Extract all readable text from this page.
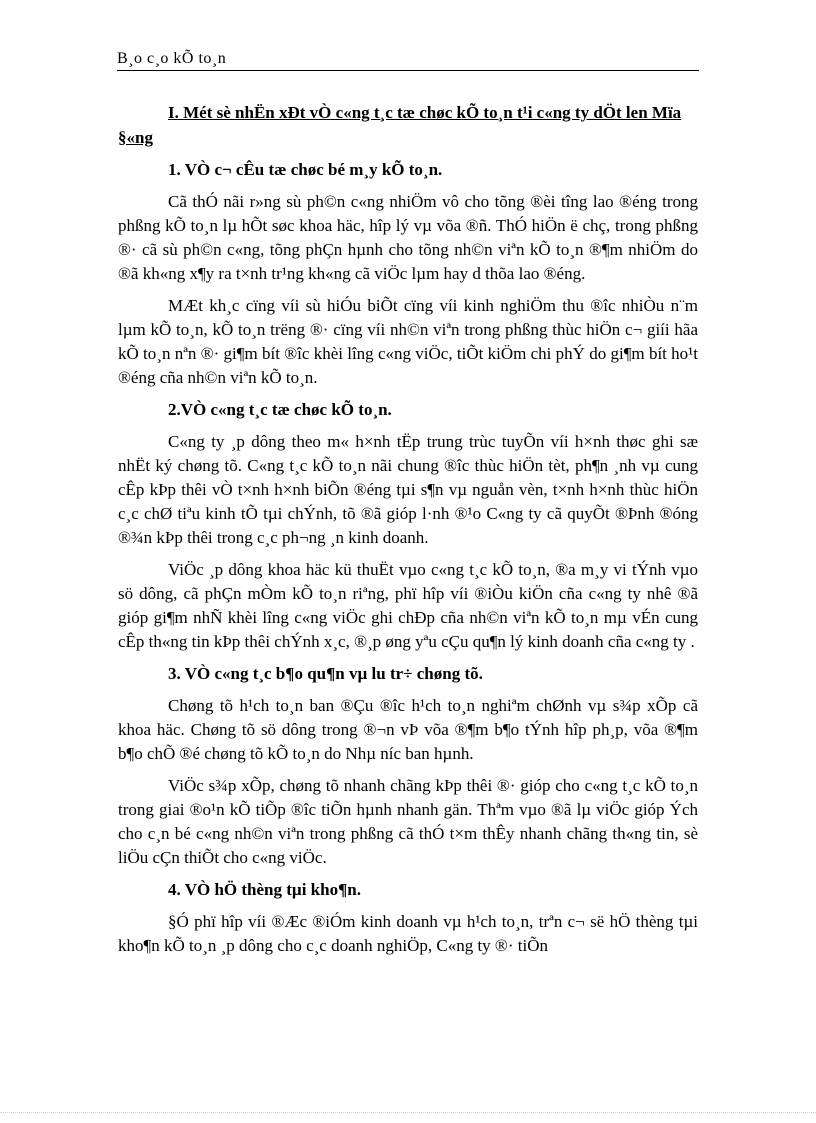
B¸o c¸o kÕ to¸n
I. Mét sè nhËn xÐt vÒ c«ng t¸c tæ chøc kÕ to¸n t¹i c«ng ty dÖt len Mïa §«ng
1. VÒ c¬ cÊu tæ chøc bé m¸y kÕ to¸n.

Cã thÓ nãi r»ng sù ph©n c«ng nhiÖm vô cho tõng ®èi tîng lao ®éng trong phßng kÕ to¸n lµ hÕt søc khoa häc, hîp lý vµ võa ®ñ. ThÓ hiÖn ë chç, trong phßng ®· cã sù ph©n c«ng, tõng phÇn hµnh cho tõng nh©n viªn kÕ to¸n ®¶m nhiÖm do ®ã kh«ng x¶y ra t×nh tr¹ng kh«ng cã viÖc lµm hay d thõa lao ®éng.

MÆt kh¸c cïng víi sù hiÓu biÕt cïng víi kinh nghiÖm thu ®îc nhiÒu n¨m lµm kÕ to¸n, kÕ to¸n trëng ®· cïng víi nh©n viªn trong phßng thùc hiÖn c¬ giíi hãa kÕ to¸n nªn ®· gi¶m bít ®îc khèi lîng c«ng viÖc, tiÕt kiÖm chi phÝ do gi¶m bít ho¹t ®éng cña nh©n viªn kÕ to¸n.

2.VÒ c«ng t¸c tæ chøc kÕ to¸n.

C«ng ty ¸p dông theo m« h×nh tËp trung trùc tuyÕn víi h×nh thøc ghi sæ nhËt ký chøng tõ. C«ng t¸c kÕ to¸n nãi chung ®îc thùc hiÖn tèt, ph¶n ¸nh vµ cung cÊp kÞp thêi vÒ t×nh h×nh biÕn ®éng tµi s¶n vµ nguån vèn, t×nh h×nh thùc hiÖn c¸c chØ tiªu kinh tÕ tµi chÝnh, tõ ®ã gióp l·nh ®¹o C«ng ty cã quyÕt ®Þnh ®óng ®¾n kÞp thêi trong c¸c ph¬ng ¸n kinh doanh.

ViÖc ¸p dông khoa häc kü thuËt vµo c«ng t¸c kÕ to¸n, ®a m¸y vi tÝnh vµo sö dông, cã phÇn mÒm kÕ to¸n riªng, phï hîp víi ®iÒu kiÖn cña c«ng ty nhê ®ã gióp gi¶m nhÑ khèi lîng c«ng viÖc ghi chÐp cña nh©n viªn kÕ to¸n mµ vÉn cung cÊp th«ng tin kÞp thêi chÝnh x¸c, ®¸p øng yªu cÇu qu¶n lý kinh doanh cña c«ng ty .

3. VÒ c«ng t¸c b¶o qu¶n vµ lu tr÷ chøng tõ.

Chøng tõ h¹ch to¸n ban ®Çu ®îc h¹ch to¸n nghiªm chØnh vµ s¾p xÕp cã khoa häc. Chøng tõ sö dông trong ®¬n vÞ võa ®¶m b¶o tÝnh hîp ph¸p, võa ®¶m b¶o chÕ ®é chøng tõ kÕ to¸n do Nhµ níc ban hµnh.

ViÖc s¾p xÕp, chøng tõ nhanh chãng kÞp thêi ®· gióp cho c«ng t¸c kÕ to¸n trong giai ®o¹n kÕ tiÕp ®îc tiÕn hµnh nhanh gän. Thªm vµo ®ã lµ viÖc gióp Ých cho c¸n bé c«ng nh©n viªn trong phßng cã thÓ t×m thÊy nhanh chãng th«ng tin, sè liÖu cÇn thiÕt cho c«ng viÖc.

4. VÒ hÖ thèng tµi kho¶n.

§Ó phï hîp víi ®Æc ®iÓm kinh doanh vµ h¹ch to¸n, trªn c¬ së hÖ thèng tµi kho¶n kÕ to¸n ¸p dông cho c¸c doanh nghiÖp, C«ng ty ®· tiÕn
